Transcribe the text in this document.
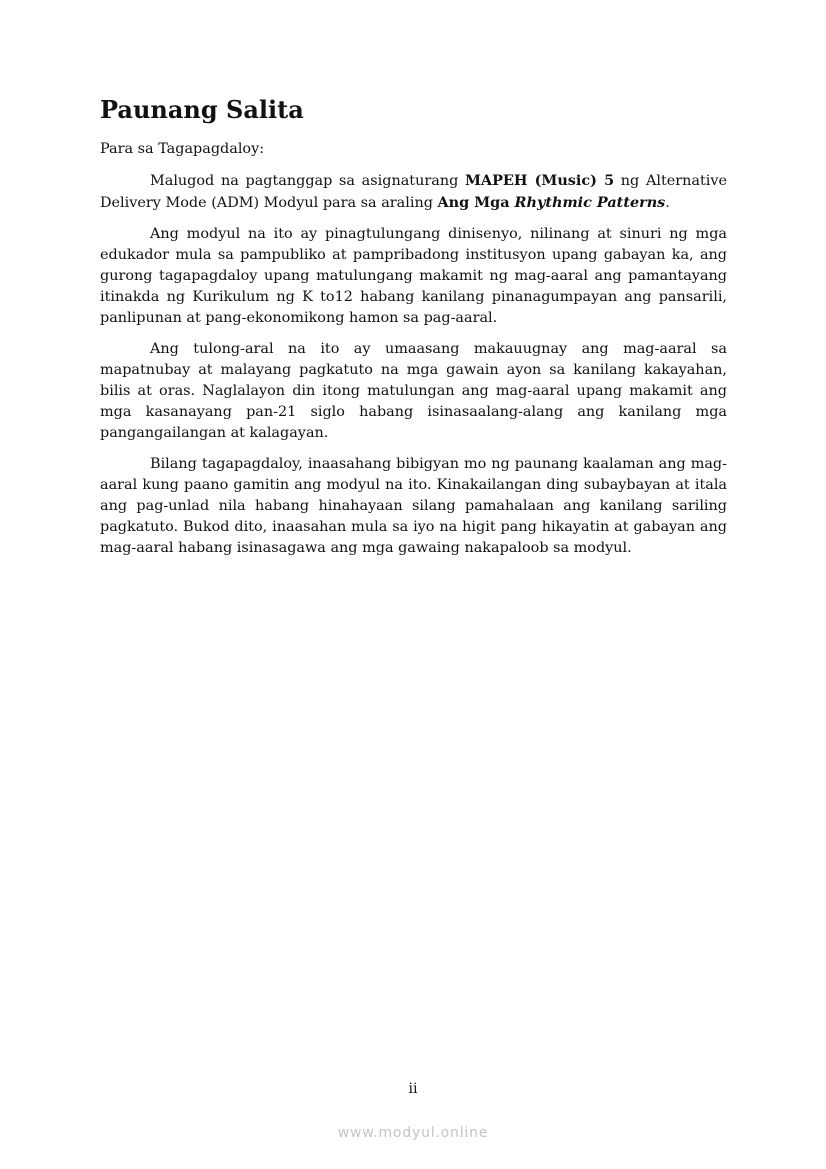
Paunang Salita

Para sa Tagapagdaloy:

Malugod na pagtanggap sa asignaturang MAPEH (Music) 5 ng Alternative Delivery Mode (ADM) Modyul para sa araling Ang Mga Rhythmic Patterns.

Ang modyul na ito ay pinagtulungang dinisenyo, nilinang at sinuri ng mga edukador mula sa pampubliko at pampribadong institusyon upang gabayan ka, ang gurong tagapagdaloy upang matulungang makamit ng mag-aaral ang pamantayang itinakda ng Kurikulum ng K to12 habang kanilang pinanagumpayan ang pansarili, panlipunan at pang-ekonomikong hamon sa pag-aaral.

Ang tulong-aral na ito ay umaasang makauugnay ang mag-aaral sa mapatnubay at malayang pagkatuto na mga gawain ayon sa kanilang kakayahan, bilis at oras. Naglalayon din itong matulungan ang mag-aaral upang makamit ang mga kasanayang pan-21 siglo habang isinasaalang-alang ang kanilang mga pangangailangan at kalagayan.

Bilang tagapagdaloy, inaasahang bibigyan mo ng paunang kaalaman ang mag-aaral kung paano gamitin ang modyul na ito. Kinakailangan ding subaybayan at itala ang pag-unlad nila habang hinahayaan silang pamahalaan ang kanilang sariling pagkatuto. Bukod dito, inaasahan mula sa iyo na higit pang hikayatin at gabayan ang mag-aaral habang isinasagawa ang mga gawaing nakapaloob sa modyul.

ii
www.modyul.online
